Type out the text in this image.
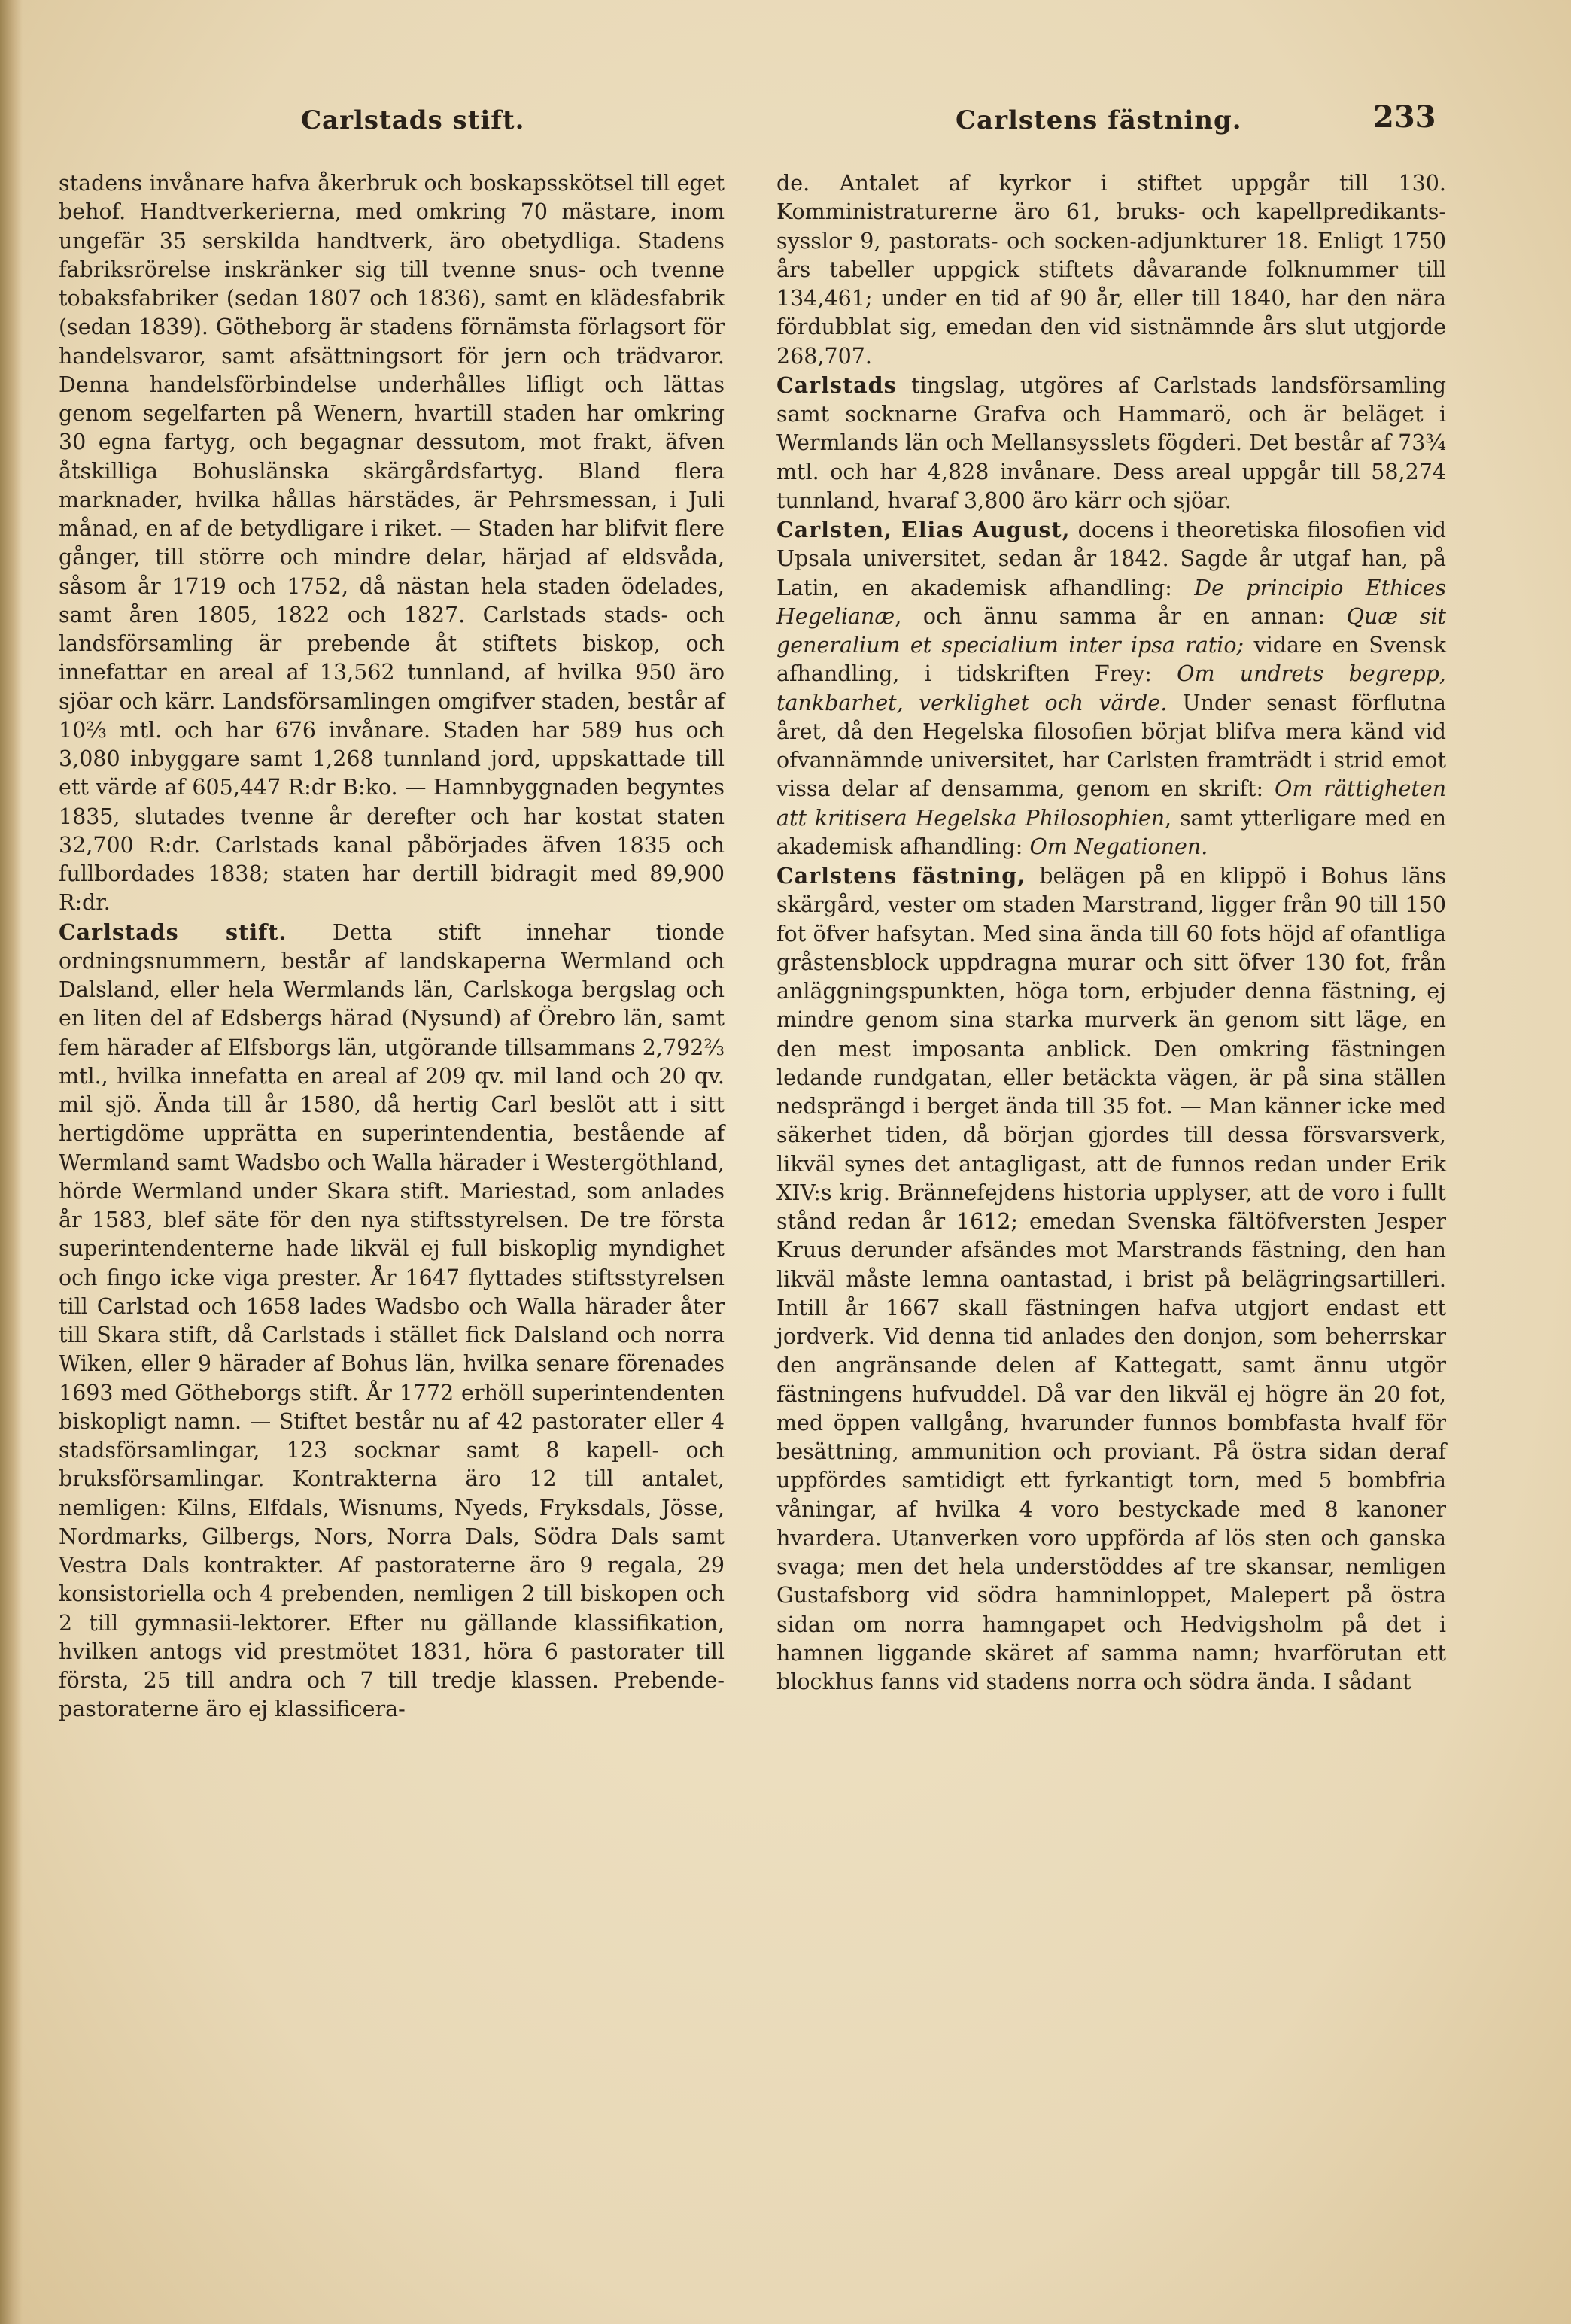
Carlstads stift.	Carlstens fästning.	233

stadens invånare hafva åkerbruk och boskapsskötsel till eget behof. Handtverkerierna, med omkring 70 mästare, inom ungefär 35 serskilda handtverk, äro obetydliga. Stadens fabriksrörelse inskränker sig till tvenne snus- och tvenne tobaksfabriker (sedan 1807 och 1836), samt en klädesfabrik (sedan 1839). Götheborg är stadens förnämsta förlagsort för handelsvaror, samt afsättningsort för jern och trädvaror. Denna handelsförbindelse underhålles lifligt och lättas genom segelfarten på Wenern, hvartill staden har omkring 30 egna fartyg, och begagnar dessutom, mot frakt, äfven åtskilliga Bohuslänska skärgårdsfartyg. Bland flera marknader, hvilka hållas härstädes, är Pehrsmessan, i Juli månad, en af de betydligare i riket. — Staden har blifvit flere gånger, till större och mindre delar, härjad af eldsvåda, såsom år 1719 och 1752, då nästan hela staden ödelades, samt åren 1805, 1822 och 1827. Carlstads stads- och landsförsamling är prebende åt stiftets biskop, och innefattar en areal af 13,562 tunnland, af hvilka 950 äro sjöar och kärr. Landsförsamlingen omgifver staden, består af 10⅔ mtl. och har 676 invånare. Staden har 589 hus och 3,080 inbyggare samt 1,268 tunnland jord, uppskattade till ett värde af 605,447 R:dr B:ko. — Hamnbyggnaden begyntes 1835, slutades tvenne år derefter och har kostat staten 32,700 R:dr. Carlstads kanal påbörjades äfven 1835 och fullbordades 1838; staten har dertill bidragit med 89,900 R:dr.

Carlstads stift. Detta stift innehar tionde ordningsnummern, består af landskaperna Wermland och Dalsland, eller hela Wermlands län, Carlskoga bergslag och en liten del af Edsbergs härad (Nysund) af Örebro län, samt fem härader af Elfsborgs län, utgörande tillsammans 2,792⅔ mtl., hvilka innefatta en areal af 209 qv. mil land och 20 qv. mil sjö. Ända till år 1580, då hertig Carl beslöt att i sitt hertigdöme upprätta en superintendentia, bestående af Wermland samt Wadsbo och Walla härader i Westergöthland, hörde Wermland under Skara stift. Mariestad, som anlades år 1583, blef säte för den nya stiftsstyrelsen. De tre första superintendenterne hade likväl ej full biskoplig myndighet och fingo icke viga prester. År 1647 flyttades stiftsstyrelsen till Carlstad och 1658 lades Wadsbo och Walla härader åter till Skara stift, då Carlstads i stället fick Dalsland och norra Wiken, eller 9 härader af Bohus län, hvilka senare förenades 1693 med Götheborgs stift. År 1772 erhöll superintendenten biskopligt namn. — Stiftet består nu af 42 pastorater eller 4 stadsförsamlingar, 123 socknar samt 8 kapell- och bruksförsamlingar. Kontrakterna äro 12 till antalet, nemligen: Kilns, Elfdals, Wisnums, Nyeds, Fryksdals, Jösse, Nordmarks, Gilbergs, Nors, Norra Dals, Södra Dals samt Vestra Dals kontrakter. Af pastoraterne äro 9 regala, 29 konsistoriella och 4 prebenden, nemligen 2 till biskopen och 2 till gymnasii-lektorer. Efter nu gällande klassifikation, hvilken antogs vid prestmötet 1831, höra 6 pastorater till första, 25 till andra och 7 till tredje klassen. Prebende-pastoraterne äro ej klassificera-

de. Antalet af kyrkor i stiftet uppgår till 130. Komministraturerne äro 61, bruks- och kapellpredikants-sysslor 9, pastorats- och socken-adjunkturer 18. Enligt 1750 års tabeller uppgick stiftets dåvarande folknummer till 134,461; under en tid af 90 år, eller till 1840, har den nära fördubblat sig, emedan den vid sistnämnde års slut utgjorde 268,707.

Carlstads tingslag, utgöres af Carlstads landsförsamling samt socknarne Grafva och Hammarö, och är beläget i Wermlands län och Mellansysslets fögderi. Det består af 73¾ mtl. och har 4,828 invånare. Dess areal uppgår till 58,274 tunnland, hvaraf 3,800 äro kärr och sjöar.

Carlsten, Elias August, docens i theoretiska filosofien vid Upsala universitet, sedan år 1842. Sagde år utgaf han, på Latin, en akademisk afhandling: De principio Ethices Hegelianæ, och ännu samma år en annan: Quæ sit generalium et specialium inter ipsa ratio; vidare en Svensk afhandling, i tidskriften Frey: Om undrets begrepp, tankbarhet, verklighet och värde. Under senast förflutna året, då den Hegelska filosofien börjat blifva mera känd vid ofvannämnde universitet, har Carlsten framträdt i strid emot vissa delar af densamma, genom en skrift: Om rättigheten att kritisera Hegelska Philosophien, samt ytterligare med en akademisk afhandling: Om Negationen.

Carlstens fästning, belägen på en klippö i Bohus läns skärgård, vester om staden Marstrand, ligger från 90 till 150 fot öfver hafsytan. Med sina ända till 60 fots höjd af ofantliga gråstensblock uppdragna murar och sitt öfver 130 fot, från anläggningspunkten, höga torn, erbjuder denna fästning, ej mindre genom sina starka murverk än genom sitt läge, en den mest imposanta anblick. Den omkring fästningen ledande rundgatan, eller betäckta vägen, är på sina ställen nedsprängd i berget ända till 35 fot. — Man känner icke med säkerhet tiden, då början gjordes till dessa försvarsverk, likväl synes det antagligast, att de funnos redan under Erik XIV:s krig. Brännefejdens historia upplyser, att de voro i fullt stånd redan år 1612; emedan Svenska fältöfversten Jesper Kruus derunder afsändes mot Marstrands fästning, den han likväl måste lemna oantastad, i brist på belägringsartilleri. Intill år 1667 skall fästningen hafva utgjort endast ett jordverk. Vid denna tid anlades den donjon, som beherrskar den angränsande delen af Kattegatt, samt ännu utgör fästningens hufvuddel. Då var den likväl ej högre än 20 fot, med öppen vallgång, hvarunder funnos bombfasta hvalf för besättning, ammunition och proviant. På östra sidan deraf uppfördes samtidigt ett fyrkantigt torn, med 5 bombfria våningar, af hvilka 4 voro bestyckade med 8 kanoner hvardera. Utanverken voro uppförda af lös sten och ganska svaga; men det hela understöddes af tre skansar, nemligen Gustafsborg vid södra hamninloppet, Malepert på östra sidan om norra hamngapet och Hedvigsholm på det i hamnen liggande skäret af samma namn; hvarförutan ett blockhus fanns vid stadens norra och södra ända. I sådant
